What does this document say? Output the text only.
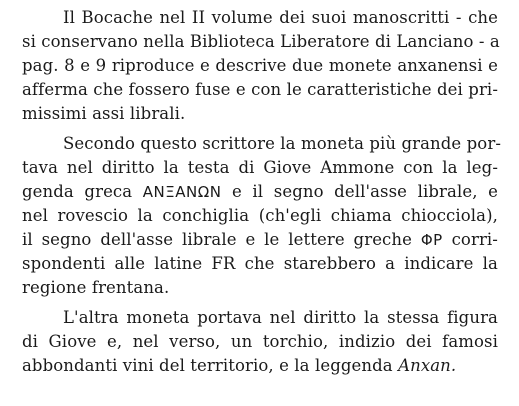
Il Bocache nel II volume dei suoi manoscritti - che
si conservano nella Biblioteca Liberatore di Lanciano - a
pag. 8 e 9 riproduce e descrive due monete anxanensi e
afferma che fossero fuse e con le caratteristiche dei pri-
missimi assi librali.
Secondo questo scrittore la moneta più grande por-
tava nel diritto la testa di Giove Ammone con la leg-
genda greca ΑΝΞΑΝΩΝ e il segno dell'asse librale, e
nel rovescio la conchiglia (ch'egli chiama chiocciola),
il segno dell'asse librale e le lettere greche ΦΡ corri-
spondenti alle latine FR che starebbero a indicare la
regione frentana.
L'altra moneta portava nel diritto la stessa figura
di Giove e, nel verso, un torchio, indizio dei famosi
abbondanti vini del territorio, e la leggenda Anxan.
